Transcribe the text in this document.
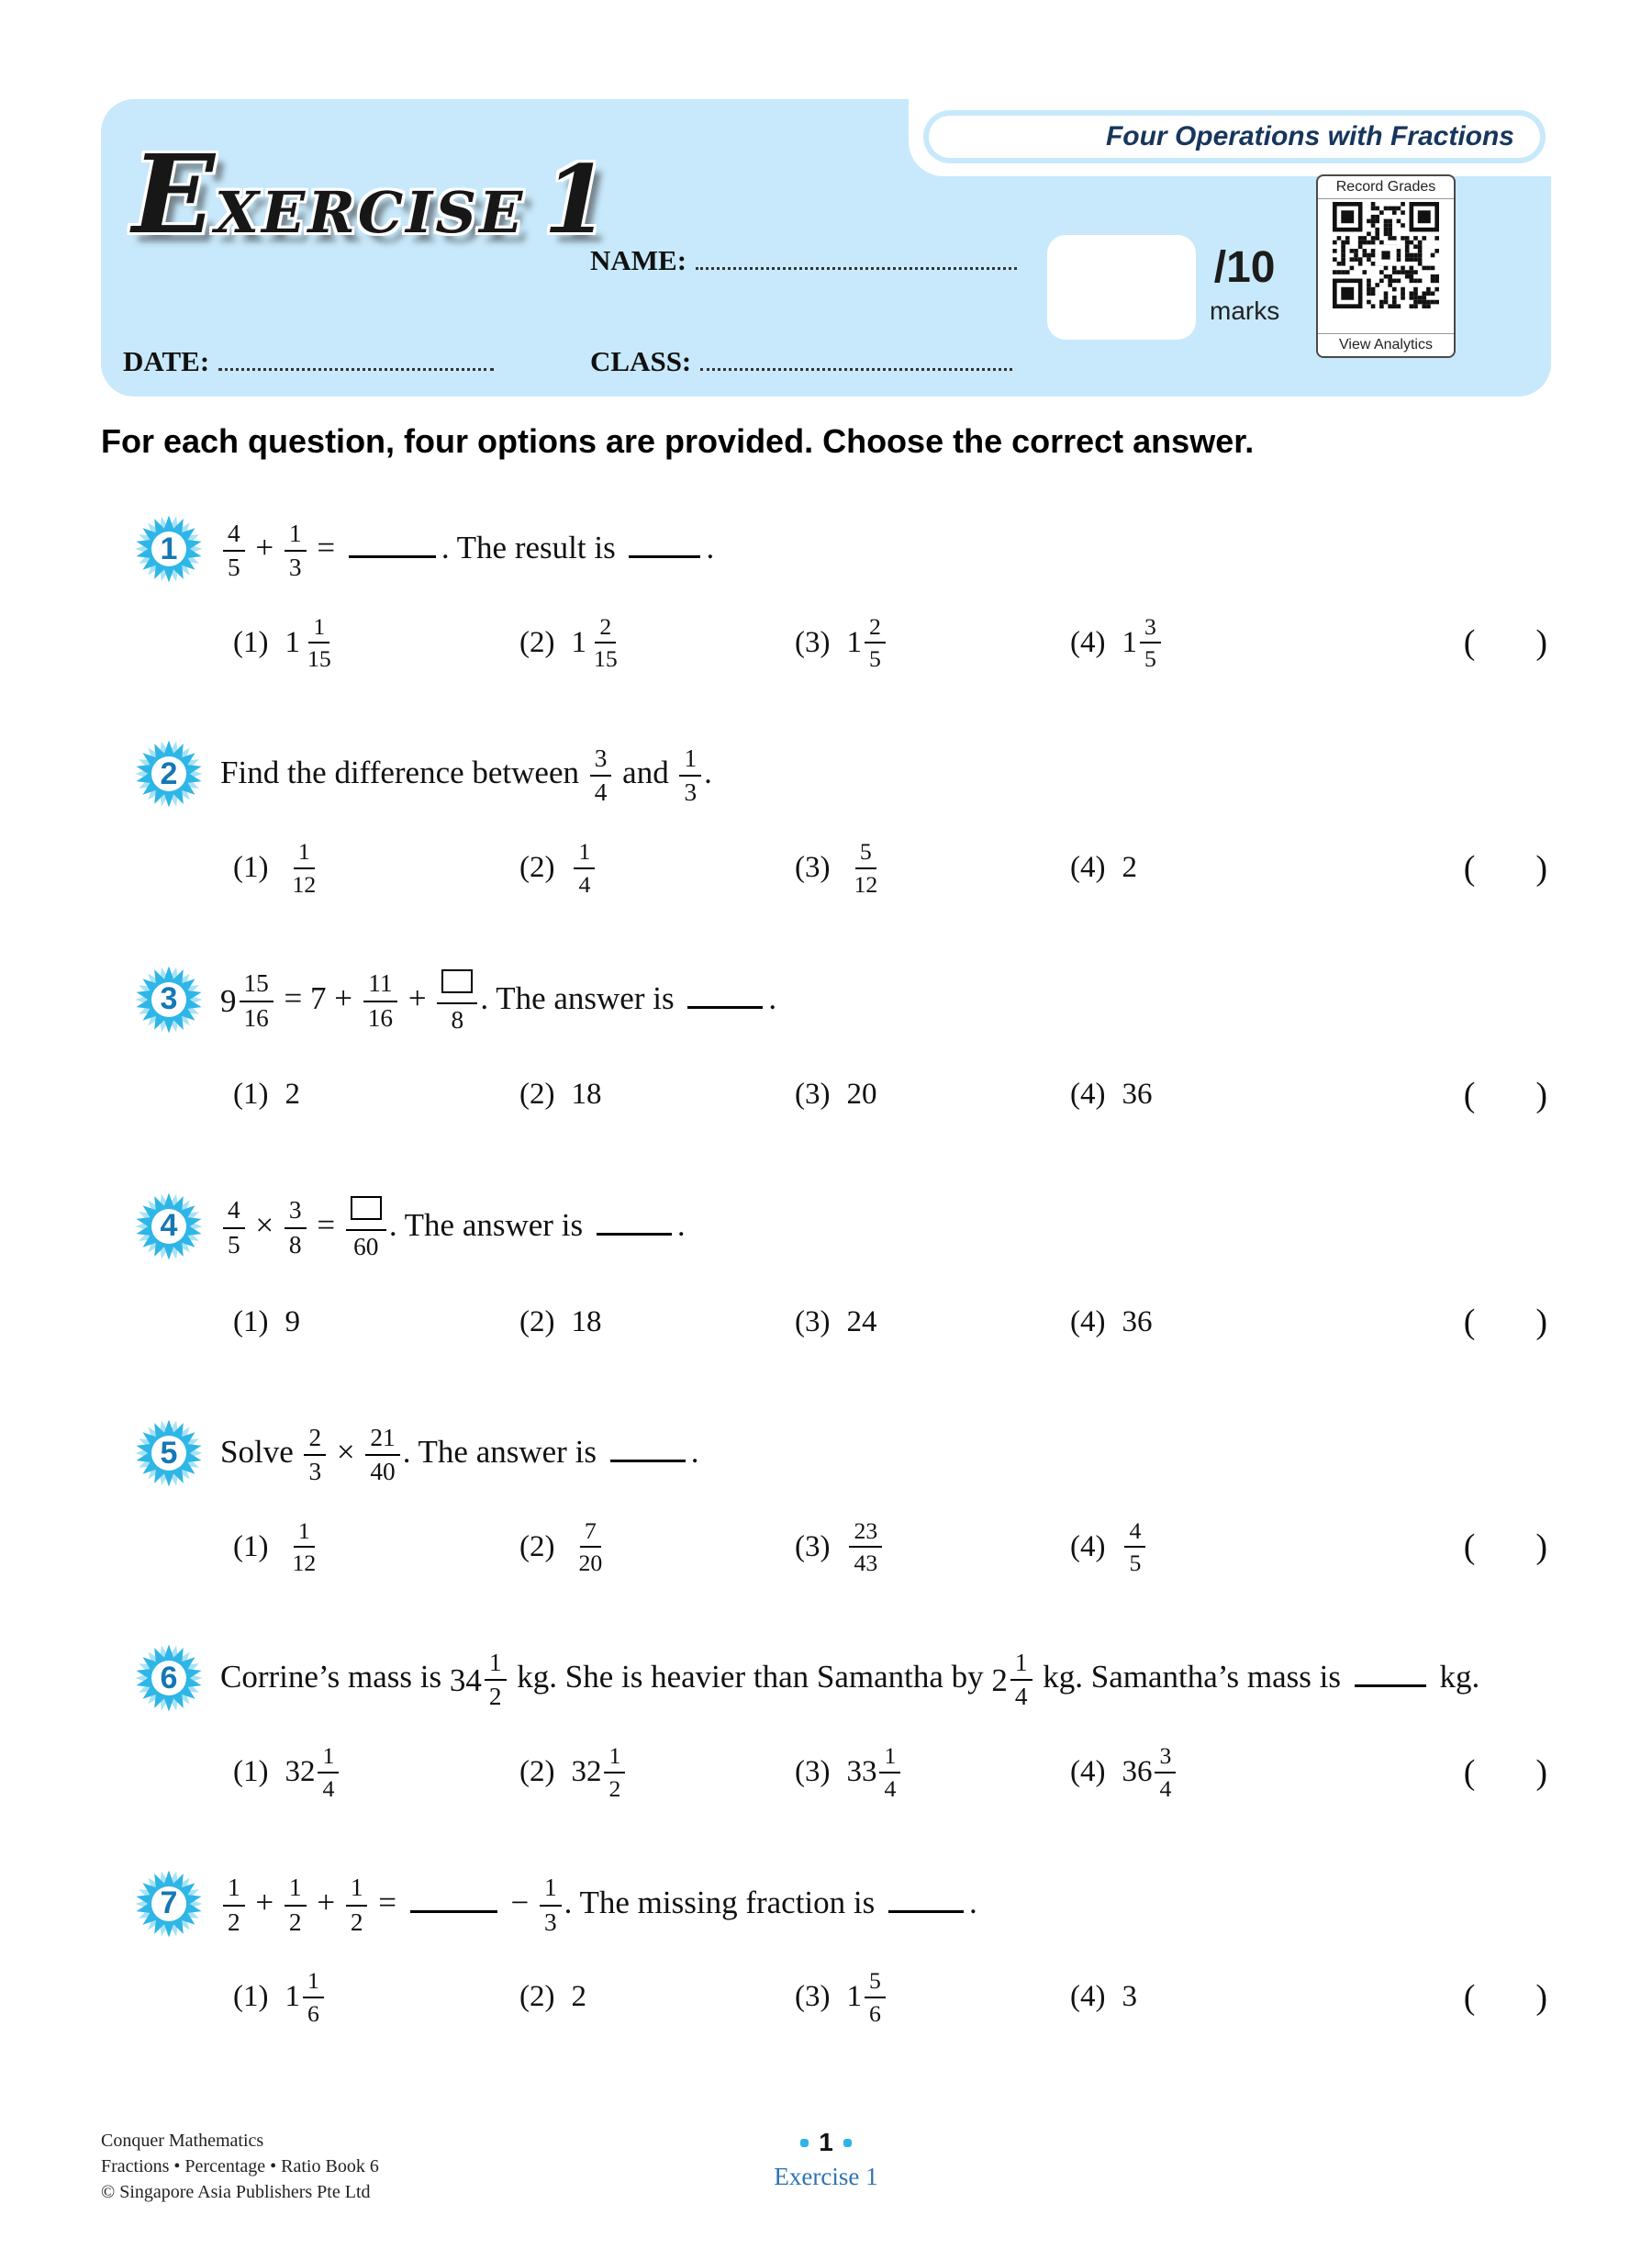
Four Operations with Fractions
EXERCISE 1
NAME:
DATE:	CLASS:
/10
marks
Record Grades
View Analytics
For each question, four options are provided. Choose the correct answer.
1	$\frac{4}{5} + \frac{1}{3}$ =	. The result is	.
(1) $1 \frac{1}{15}$	(2) $1 \frac{2}{15}$	(3) $1 \frac{2}{5}$	(4) $1 \frac{3}{5}$	( )
2	Find the difference between $\frac{3}{4}$ and $\frac{1}{3}$ .
$(1) \frac{1}{12}$	$(2) \frac{1}{4}$	$(3) \frac{5}{12}$	(4) 2	( )
3	$9 \frac{15}{16} = 7 + \frac{11}{16}$ +
8
. The answer is	.
(1) 2	(2) 18	(3) 20	(4) 36	( )
4	$\frac{4}{5} \times \frac{3}{8}$ =
60
. The answer is	.
(1) 9	(2) 18	(3) 24	(4) 36	( )
5	Solve $\frac{2}{3} \times \frac{21}{40}$ . The answer is	.
$(1) \frac{1}{12}$	$(2) \frac{7}{20}$	$(3) \frac{23}{43}$	$(4) \frac{4}{5}$	( )
6	Corrine’s mass is $34 \frac{1}{2}$ kg. She is heavier than Samantha by $2 \frac{1}{4}$ kg. Samantha’s mass is	kg.
(1) $32 \frac{1}{4}$	(2) $32 \frac{1}{2}$	(3) $33 \frac{1}{4}$	(4) $36 \frac{3}{4}$	( )
7	$\frac{1}{2} + \frac{1}{2} + \frac{1}{2}$ =	− $\frac{1}{3}$ . The missing fraction is	.
(1) $1 \frac{1}{6}$	(2) 2	(3) $1 \frac{5}{6}$	(4) 3	( )
Conquer Mathematics
Fractions • Percentage • Ratio Book 6
© Singapore Asia Publishers Pte Ltd
1
Exercise 1
